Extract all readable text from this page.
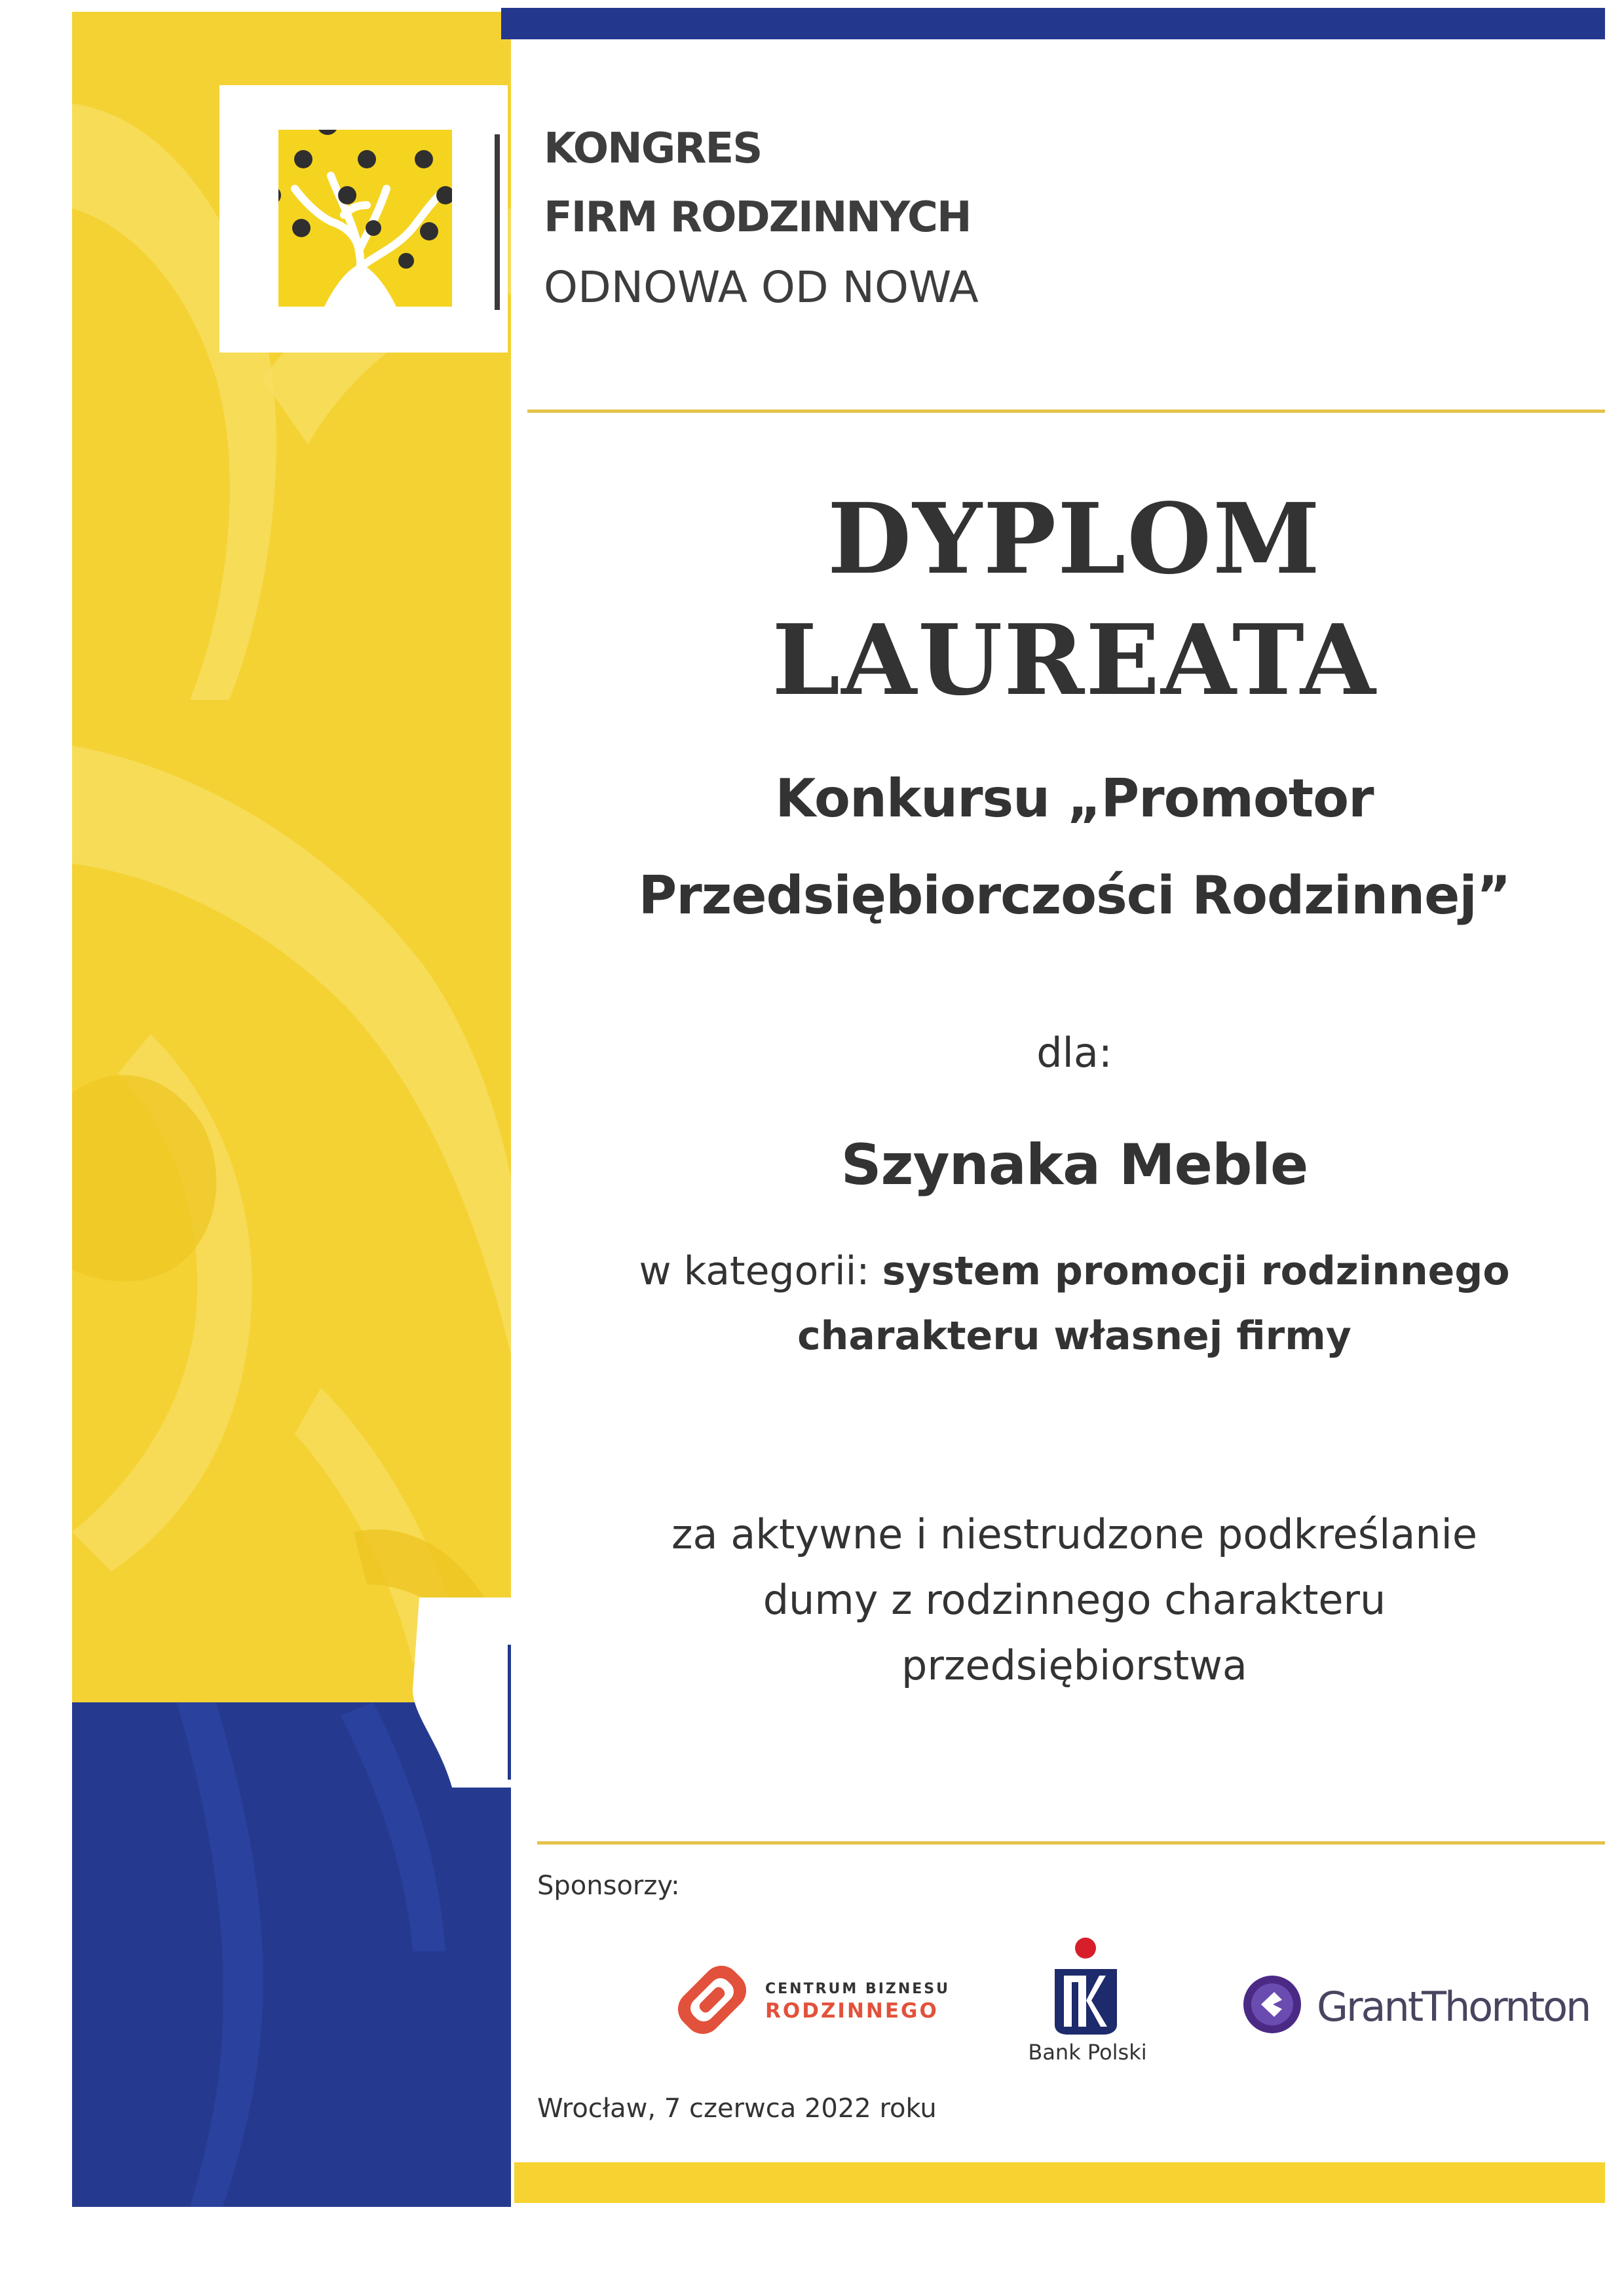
KONGRES
FIRM RODZINNYCH
ODNOWA OD NOWA
DYPLOM
LAUREATA
Konkursu „Promotor
Przedsiębiorczości Rodzinnej”
dla:
Szynaka Meble
w kategorii: system promocji rodzinnego
charakteru własnej firmy
za aktywne i niestrudzone podkreślanie
dumy z rodzinnego charakteru
przedsiębiorstwa
Sponsorzy:
CENTRUM BIZNESU
RODZINNEGO
Bank Polski
GrantThornton
Wrocław, 7 czerwca 2022 roku
